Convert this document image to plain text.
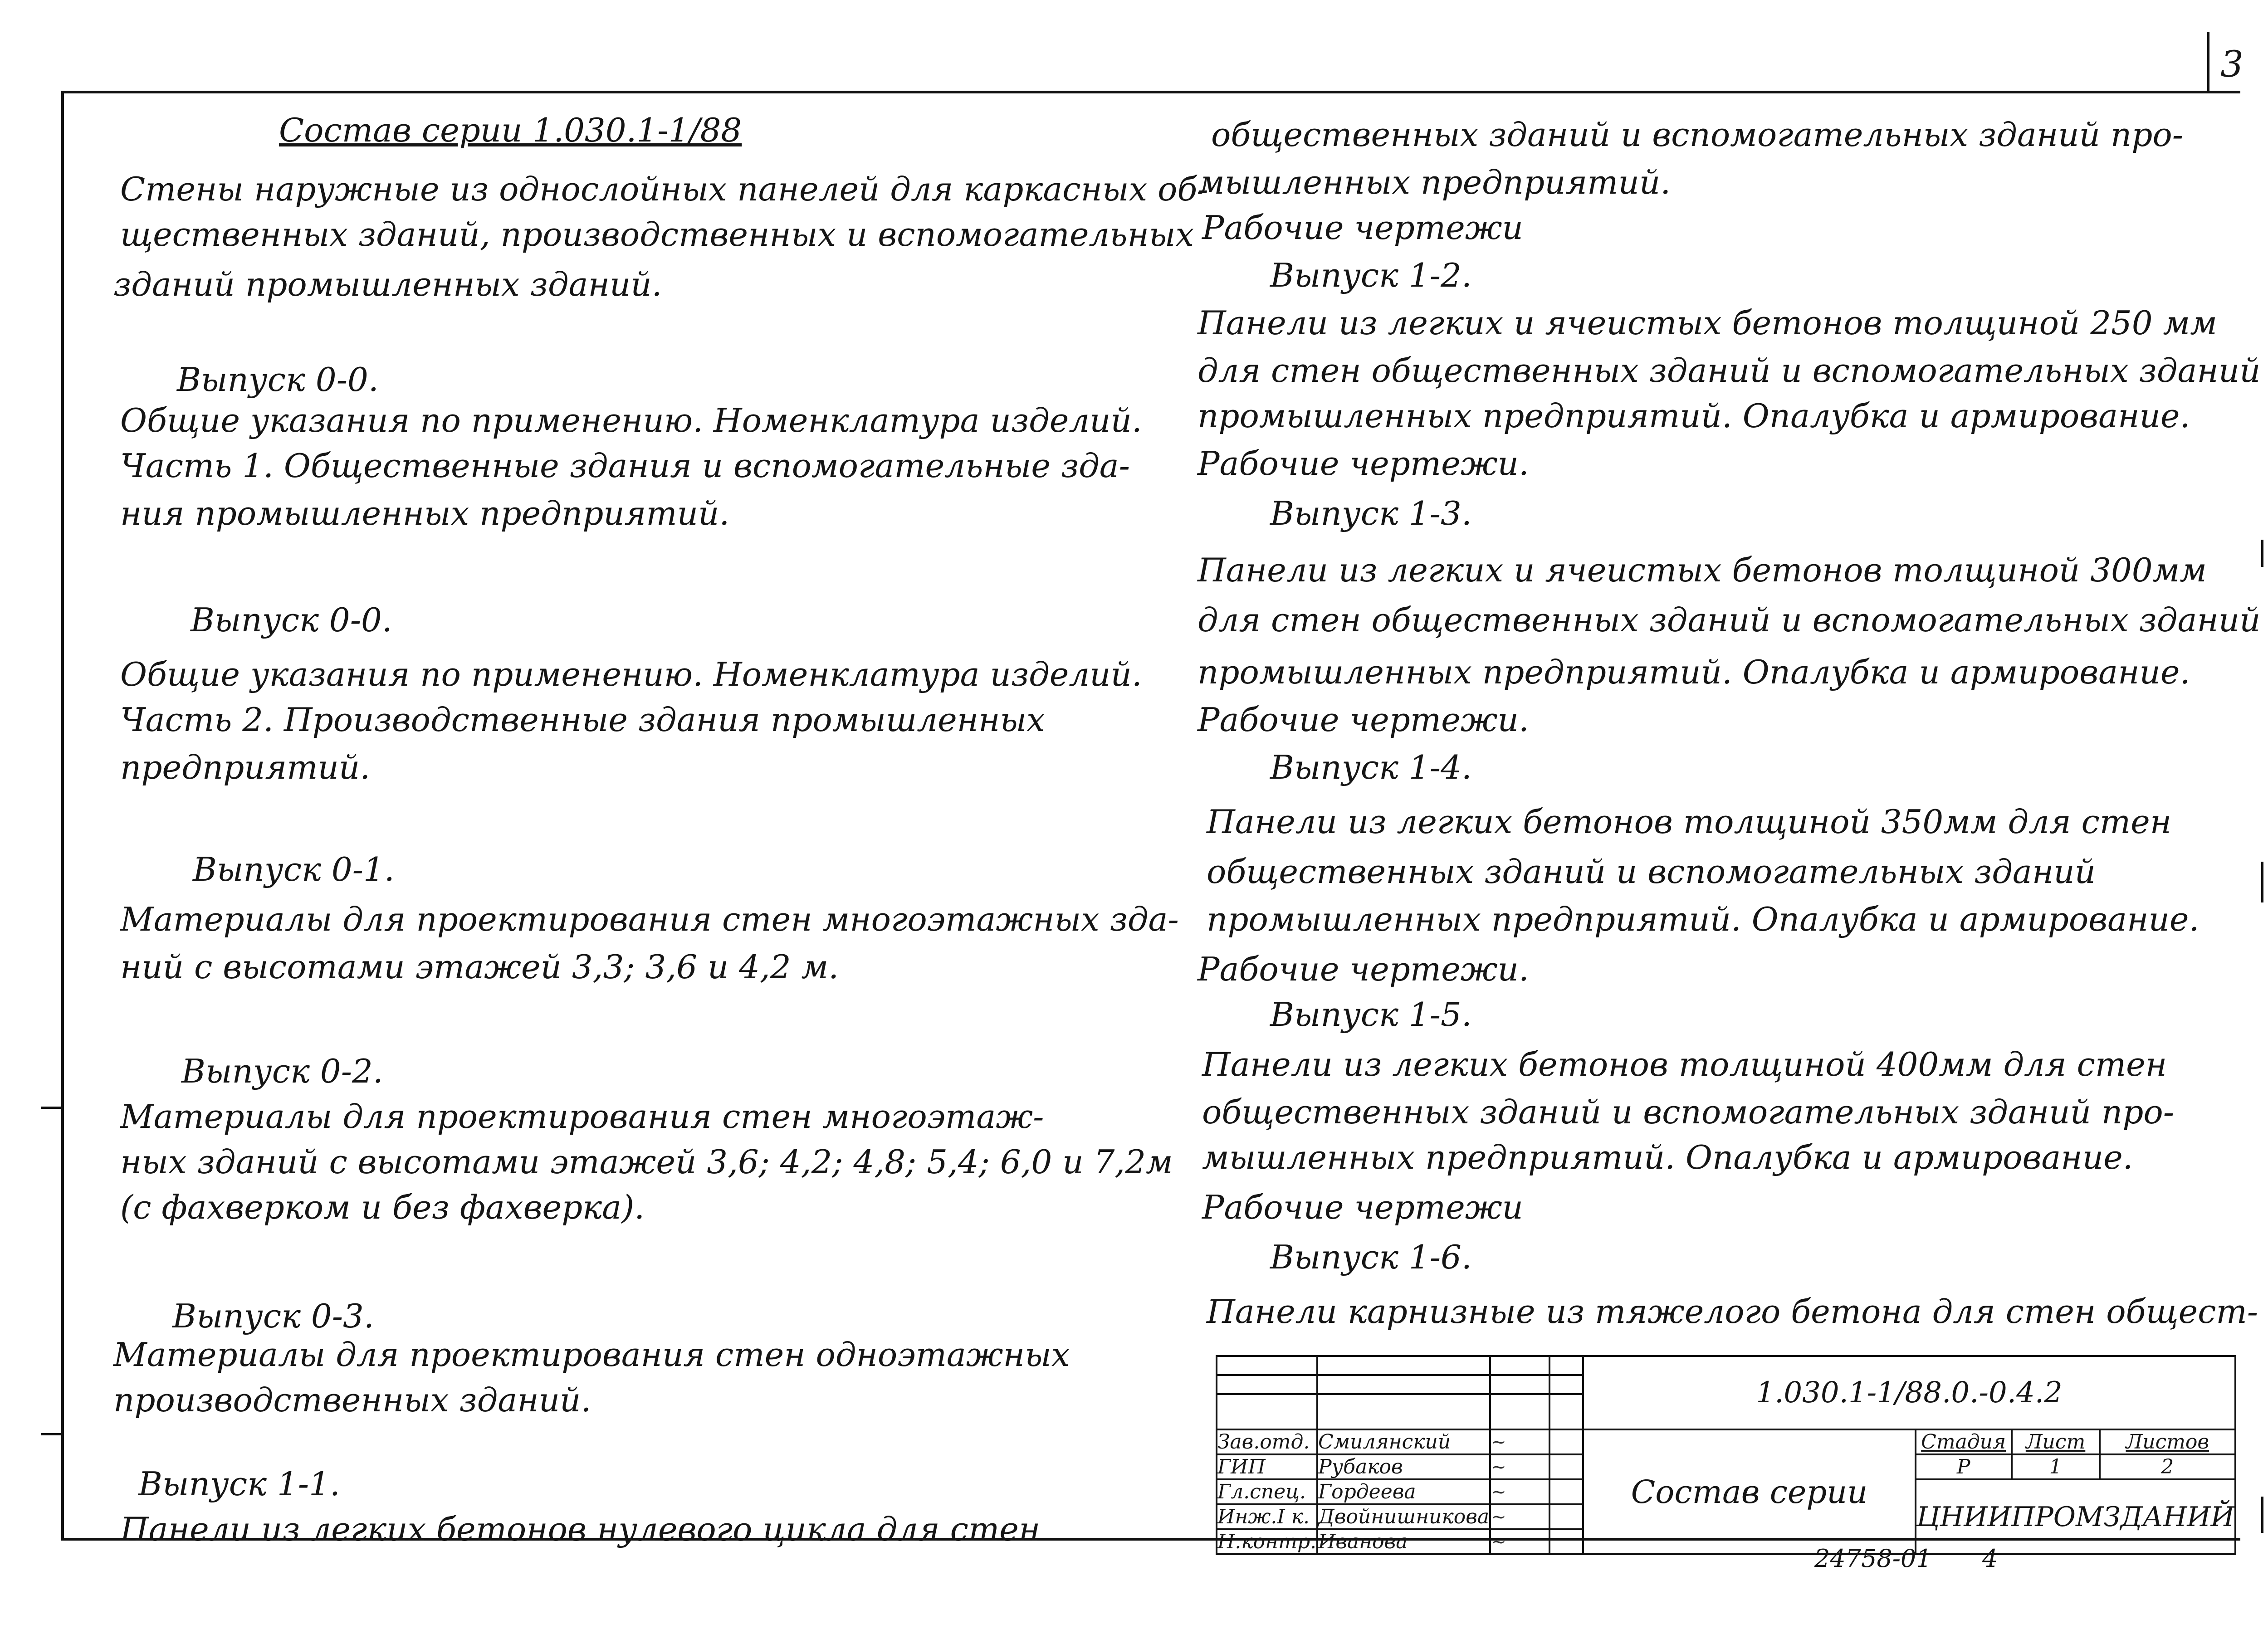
3
Состав серии 1.030.1-1/88
Стены наружные из однослойных панелей для каркасных об-
щественных зданий, производственных и вспомогательных
зданий промышленных зданий.
Выпуск 0-0.
Общие указания по применению. Номенклатура изделий.
Часть 1. Общественные здания и вспомогательные зда-
ния промышленных предприятий.
Выпуск 0-0.
Общие указания по применению. Номенклатура изделий.
Часть 2. Производственные здания промышленных
предприятий.
Выпуск 0-1.
Материалы для проектирования стен многоэтажных зда-
ний с высотами этажей 3,3; 3,6 и 4,2 м.
Выпуск 0-2.
Материалы для проектирования стен многоэтаж-
ных зданий с высотами этажей 3,6; 4,2; 4,8; 5,4; 6,0 и 7,2м
(с фахверком и без фахверка).
Выпуск 0-3.
Материалы для проектирования стен одноэтажных
производственных зданий.
Выпуск 1-1.
Панели из легких бетонов нулевого цикла для стен
общественных зданий и вспомогательных зданий про-
мышленных предприятий.
Рабочие чертежи
Выпуск 1-2.
Панели из легких и ячеистых бетонов толщиной 250 мм
для стен общественных зданий и вспомогательных зданий
промышленных предприятий. Опалубка и армирование.
Рабочие чертежи.
Выпуск 1-3.
Панели из легких и ячеистых бетонов толщиной 300мм
для стен общественных зданий и вспомогательных зданий
промышленных предприятий. Опалубка и армирование.
Рабочие чертежи.
Выпуск 1-4.
Панели из легких бетонов толщиной 350мм для стен
общественных зданий и вспомогательных зданий
промышленных предприятий. Опалубка и армирование.
Рабочие чертежи.
Выпуск 1-5.
Панели из легких бетонов толщиной 400мм для стен
общественных зданий и вспомогательных зданий про-
мышленных предприятий. Опалубка и армирование.
Рабочие чертежи
Выпуск 1-6.
Панели карнизные из тяжелого бетона для стен общест-
				1.030.1-1/88.0.-0.4.2			

Зав.отд.	Смилянский	~		Состав серии	Стадия	Лист	Листов
ГИП	Рубаков	~			Р	1	2
Гл.спец.	Гордеева	~			ЦНИИПРОМЗДАНИЙ		
Инж.I к.	Двойнишникова	~					
Н.контр.	Иванова	~					
24758-01 4
